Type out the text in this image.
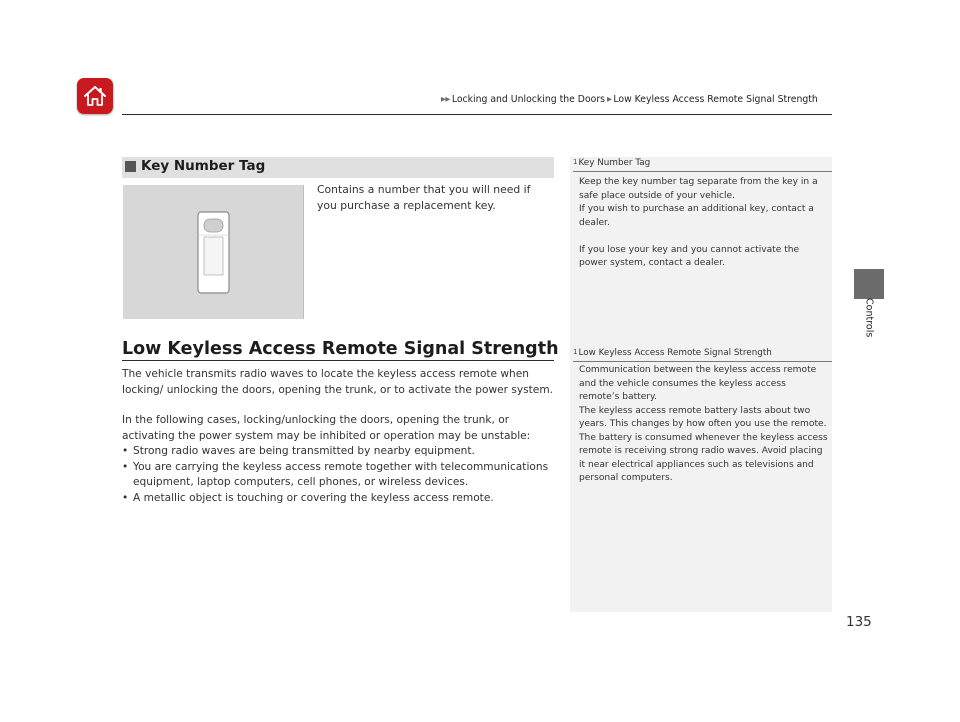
▶▶ Locking and Unlocking the Doors ▶ Low Keyless Access Remote Signal Strength
Controls
135
Key Number Tag
Contains a number that you will need if you purchase a replacement key.
Low Keyless Access Remote Signal Strength
The vehicle transmits radio waves to locate the keyless access remote when locking/ unlocking the doors, opening the trunk, or to activate the power system.
In the following cases, locking/unlocking the doors, opening the trunk, or activating the power system may be inhibited or operation may be unstable:
• Strong radio waves are being transmitted by nearby equipment.
• You are carrying the keyless access remote together with telecommunications equipment, laptop computers, cell phones, or wireless devices.
• A metallic object is touching or covering the keyless access remote.
1Key Number Tag

Keep the key number tag separate from the key in a safe place outside of your vehicle.

If you wish to purchase an additional key, contact a dealer.

If you lose your key and you cannot activate the power system, contact a dealer.

1Low Keyless Access Remote Signal Strength

Communication between the keyless access remote and the vehicle consumes the keyless access remote’s battery.

The keyless access remote battery lasts about two years. This changes by how often you use the remote. The battery is consumed whenever the keyless access remote is receiving strong radio waves. Avoid placing it near electrical appliances such as televisions and personal computers.
